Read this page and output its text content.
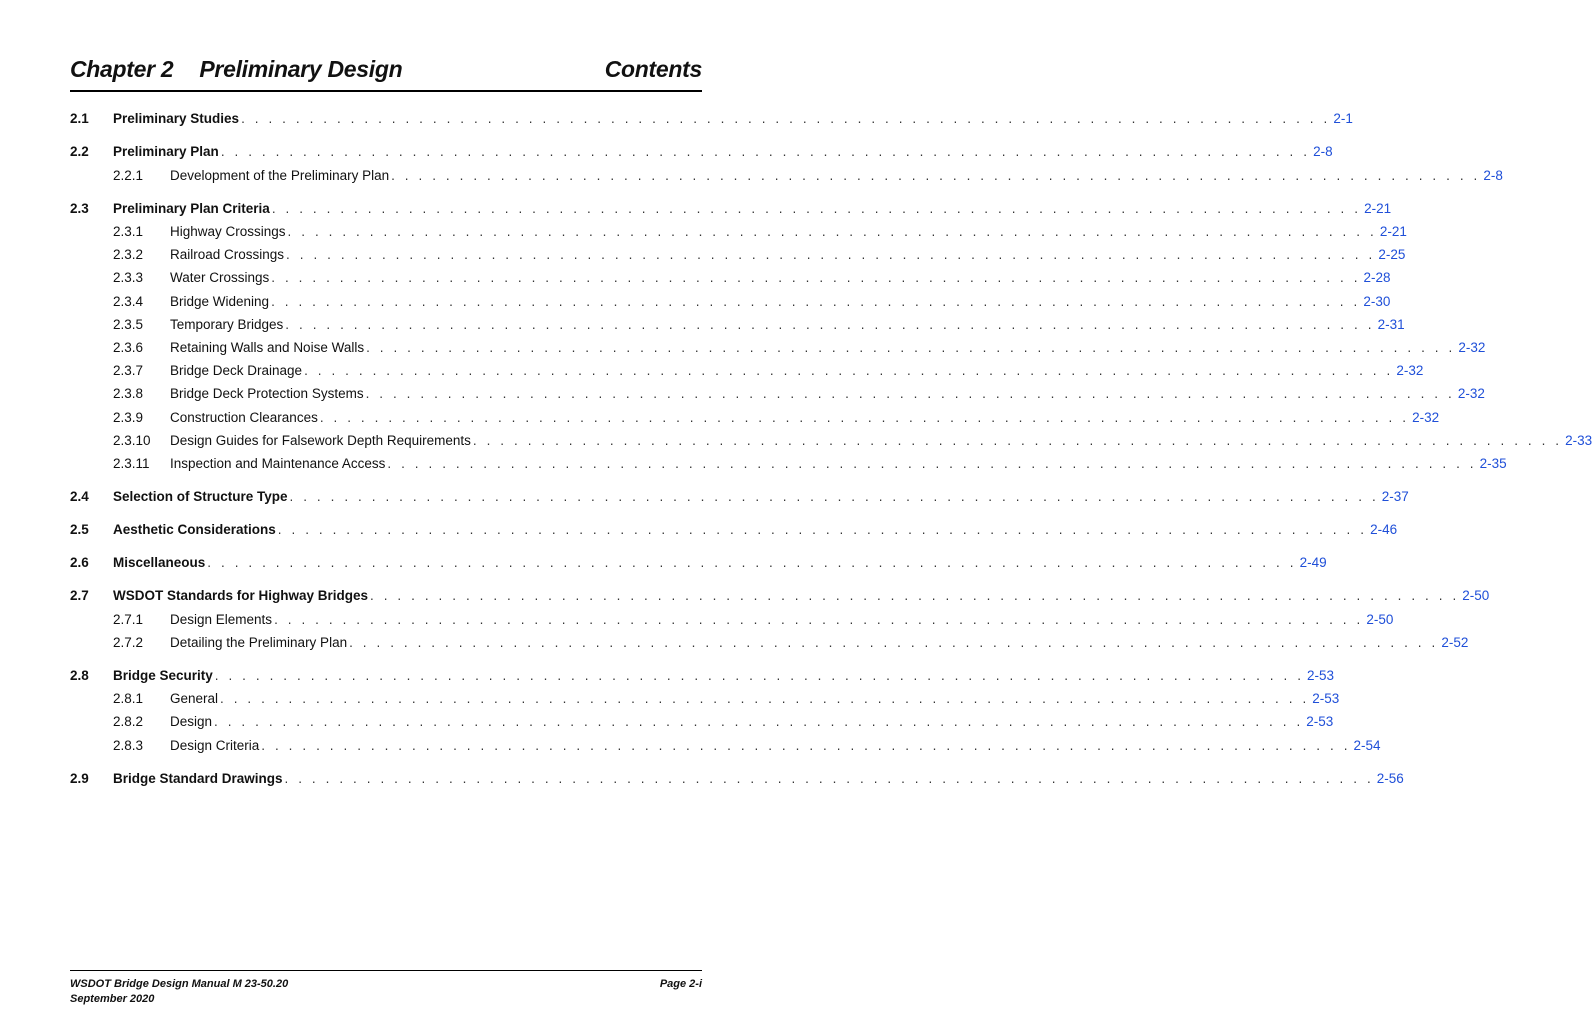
Chapter 2 Preliminary Design	Contents
2.1 Preliminary Studies . . . . . . . . . . . . . . . . . . . . . . . . . . . . . . . . . . . . . . . . . . . . . . . . . . . . . . . . . . . . . . . . . . . . . . . . . . . . . . . . 2-1
2.2 Preliminary Plan . . . . . . . . . . . . . . . . . . . . . . . . . . . . . . . . . . . . . . . . . . . . . . . . . . . . . . . . . . . . . . . . . . . . . . . . . . . . . . . . 2-8
2.2.1 Development of the Preliminary Plan . . . . . . . . . . . . . . . . . . . . . . . . . . . . . . . . . . . . . . . . . . . . . . . . . . . . . . . . . . . . . . . . . . . . . . . . . . . . . . . . 2-8
2.3 Preliminary Plan Criteria . . . . . . . . . . . . . . . . . . . . . . . . . . . . . . . . . . . . . . . . . . . . . . . . . . . . . . . . . . . . . . . . . . . . . . . . . . . . . . . . 2-21
2.3.1 Highway Crossings . . . . . . . . . . . . . . . . . . . . . . . . . . . . . . . . . . . . . . . . . . . . . . . . . . . . . . . . . . . . . . . . . . . . . . . . . . . . . . . . 2-21
2.3.2 Railroad Crossings . . . . . . . . . . . . . . . . . . . . . . . . . . . . . . . . . . . . . . . . . . . . . . . . . . . . . . . . . . . . . . . . . . . . . . . . . . . . . . . . 2-25
2.3.3 Water Crossings . . . . . . . . . . . . . . . . . . . . . . . . . . . . . . . . . . . . . . . . . . . . . . . . . . . . . . . . . . . . . . . . . . . . . . . . . . . . . . . . 2-28
2.3.4 Bridge Widening . . . . . . . . . . . . . . . . . . . . . . . . . . . . . . . . . . . . . . . . . . . . . . . . . . . . . . . . . . . . . . . . . . . . . . . . . . . . . . . . 2-30
2.3.5 Temporary Bridges . . . . . . . . . . . . . . . . . . . . . . . . . . . . . . . . . . . . . . . . . . . . . . . . . . . . . . . . . . . . . . . . . . . . . . . . . . . . . . . . 2-31
2.3.6 Retaining Walls and Noise Walls . . . . . . . . . . . . . . . . . . . . . . . . . . . . . . . . . . . . . . . . . . . . . . . . . . . . . . . . . . . . . . . . . . . . . . . . . . . . . . . . 2-32
2.3.7 Bridge Deck Drainage . . . . . . . . . . . . . . . . . . . . . . . . . . . . . . . . . . . . . . . . . . . . . . . . . . . . . . . . . . . . . . . . . . . . . . . . . . . . . . . . 2-32
2.3.8 Bridge Deck Protection Systems . . . . . . . . . . . . . . . . . . . . . . . . . . . . . . . . . . . . . . . . . . . . . . . . . . . . . . . . . . . . . . . . . . . . . . . . . . . . . . . . 2-32
2.3.9 Construction Clearances . . . . . . . . . . . . . . . . . . . . . . . . . . . . . . . . . . . . . . . . . . . . . . . . . . . . . . . . . . . . . . . . . . . . . . . . . . . . . . . . 2-32
2.3.10 Design Guides for Falsework Depth Requirements . . . . . . . . . . . . . . . . . . . . . . . . . . . . . . . . . . . . . . . . . . . . . . . . . . . . . . . . . . . . . . . . . . . . . . . . . . . . . . . . 2-33
2.3.11 Inspection and Maintenance Access . . . . . . . . . . . . . . . . . . . . . . . . . . . . . . . . . . . . . . . . . . . . . . . . . . . . . . . . . . . . . . . . . . . . . . . . . . . . . . . . 2-35
2.4 Selection of Structure Type . . . . . . . . . . . . . . . . . . . . . . . . . . . . . . . . . . . . . . . . . . . . . . . . . . . . . . . . . . . . . . . . . . . . . . . . . . . . . . . . 2-37
2.5 Aesthetic Considerations . . . . . . . . . . . . . . . . . . . . . . . . . . . . . . . . . . . . . . . . . . . . . . . . . . . . . . . . . . . . . . . . . . . . . . . . . . . . . . . . 2-46
2.6 Miscellaneous . . . . . . . . . . . . . . . . . . . . . . . . . . . . . . . . . . . . . . . . . . . . . . . . . . . . . . . . . . . . . . . . . . . . . . . . . . . . . . . . 2-49
2.7 WSDOT Standards for Highway Bridges . . . . . . . . . . . . . . . . . . . . . . . . . . . . . . . . . . . . . . . . . . . . . . . . . . . . . . . . . . . . . . . . . . . . . . . . . . . . . . . . 2-50
2.7.1 Design Elements . . . . . . . . . . . . . . . . . . . . . . . . . . . . . . . . . . . . . . . . . . . . . . . . . . . . . . . . . . . . . . . . . . . . . . . . . . . . . . . . 2-50
2.7.2 Detailing the Preliminary Plan . . . . . . . . . . . . . . . . . . . . . . . . . . . . . . . . . . . . . . . . . . . . . . . . . . . . . . . . . . . . . . . . . . . . . . . . . . . . . . . . 2-52
2.8 Bridge Security . . . . . . . . . . . . . . . . . . . . . . . . . . . . . . . . . . . . . . . . . . . . . . . . . . . . . . . . . . . . . . . . . . . . . . . . . . . . . . . . 2-53
2.8.1 General . . . . . . . . . . . . . . . . . . . . . . . . . . . . . . . . . . . . . . . . . . . . . . . . . . . . . . . . . . . . . . . . . . . . . . . . . . . . . . . . 2-53
2.8.2 Design . . . . . . . . . . . . . . . . . . . . . . . . . . . . . . . . . . . . . . . . . . . . . . . . . . . . . . . . . . . . . . . . . . . . . . . . . . . . . . . . 2-53
2.8.3 Design Criteria . . . . . . . . . . . . . . . . . . . . . . . . . . . . . . . . . . . . . . . . . . . . . . . . . . . . . . . . . . . . . . . . . . . . . . . . . . . . . . . . 2-54
2.9 Bridge Standard Drawings . . . . . . . . . . . . . . . . . . . . . . . . . . . . . . . . . . . . . . . . . . . . . . . . . . . . . . . . . . . . . . . . . . . . . . . . . . . . . . . . 2-56
WSDOT Bridge Design Manual M 23-50.20
September 2020
Page 2-i
